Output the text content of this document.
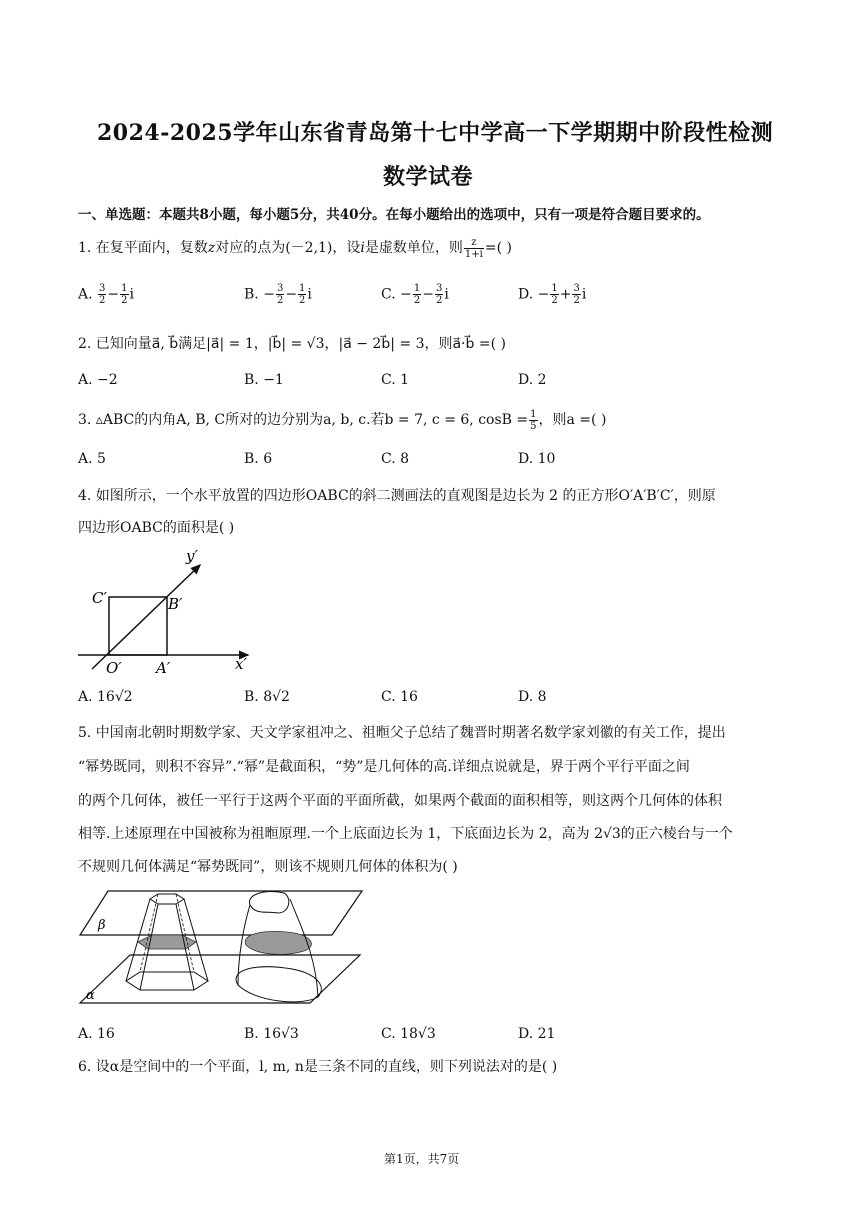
2024-2025学年山东省青岛第十七中学高一下学期期中阶段性检测
数学试卷
一、单选题：本题共8小题，每小题5分，共40分。在每小题给出的选项中，只有一项是符合题目要求的。
1. 在复平面内，复数z对应的点为(－2,1)，设i是虚数单位，则 $\frac{z}{1+i}$ =( )
A. $\frac{3}{2} - \frac{1}{2}$ i	B. − $\frac{3}{2} - \frac{1}{2}$ i	C. − $\frac{1}{2} - \frac{3}{2}$ i	D. − $\frac{1}{2} + \frac{3}{2}$ i
2. 已知向量a⃗, b⃗满足|a⃗| = 1，|b⃗| = √3，|a⃗ − 2b⃗| = 3，则a⃗·b⃗ =( )
A. −2	B. −1	C. 1	D. 2
3. ▵ABC的内角A, B, C所对的边分别为a, b, c.若b = 7, c = 6, $\cos B = \frac{1}{5}$ ，则a =( )
A. 5	B. 6	C. 8	D. 10
4. 如图所示，一个水平放置的四边形OABC的斜二测画法的直观图是边长为 2 的正方形O′A′B′C′，则原
四边形OABC的面积是( )
y′
x′
C′	B′
O′ A′
A. 16√2	B. 8√2	C. 16	D. 8
5. 中国南北朝时期数学家、天文学家祖冲之、祖暅父子总结了魏晋时期著名数学家刘徽的有关工作，提出
“幂势既同，则积不容异”.“幂”是截面积，“势”是几何体的高.详细点说就是，界于两个平行平面之间
的两个几何体，被任一平行于这两个平面的平面所截，如果两个截面的面积相等，则这两个几何体的体积
相等.上述原理在中国被称为祖暅原理.一个上底面边长为 1，下底面边长为 2，高为 2√3的正六棱台与一个
不规则几何体满足“幂势既同”，则该不规则几何体的体积为( )
β
α
A. 16	B. 16√3	C. 18√3	D. 21
6. 设α是空间中的一个平面，l, m, n是三条不同的直线，则下列说法对的是( )
第1页，共7页
